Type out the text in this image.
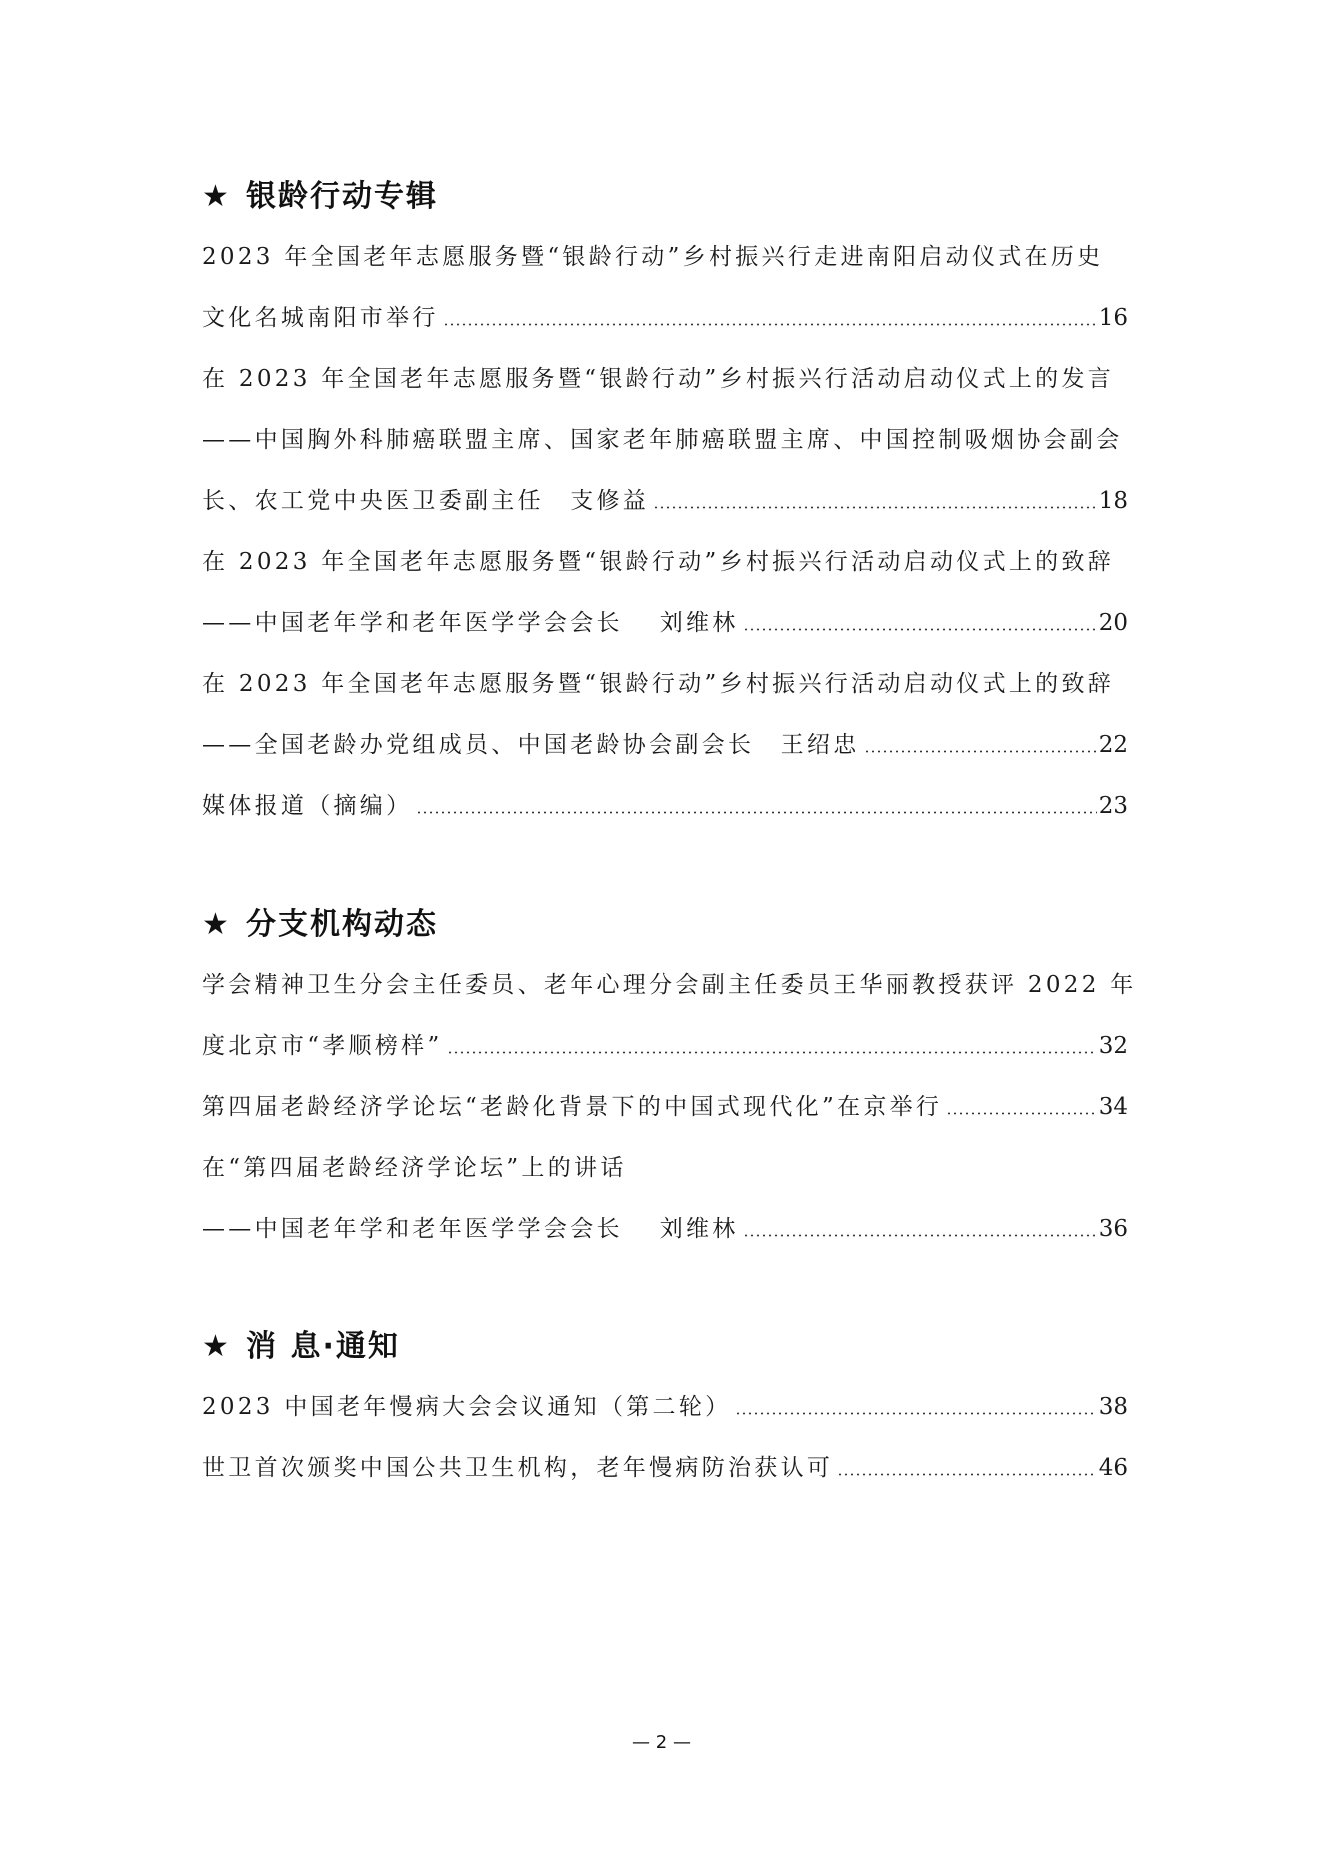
★ 银龄行动专辑
2023 年全国老年志愿服务暨“银龄行动”乡村振兴行走进南阳启动仪式在历史
文化名城南阳市举行	16
在 2023 年全国老年志愿服务暨“银龄行动”乡村振兴行活动启动仪式上的发言
——中国胸外科肺癌联盟主席、国家老年肺癌联盟主席、中国控制吸烟协会副会
长、农工党中央医卫委副主任　支修益	18
在 2023 年全国老年志愿服务暨“银龄行动”乡村振兴行活动启动仪式上的致辞
——中国老年学和老年医学学会会长　 刘维林	20
在 2023 年全国老年志愿服务暨“银龄行动”乡村振兴行活动启动仪式上的致辞
——全国老龄办党组成员、中国老龄协会副会长　王绍忠	22
媒体报道（摘编）	23
★ 分支机构动态
学会精神卫生分会主任委员、老年心理分会副主任委员王华丽教授获评 2022 年
度北京市“孝顺榜样”	32
第四届老龄经济学论坛“老龄化背景下的中国式现代化”在京举行	34
在“第四届老龄经济学论坛”上的讲话
——中国老年学和老年医学学会会长　 刘维林	36
★ 消 息·通知
2023 中国老年慢病大会会议通知（第二轮）	38
世卫首次颁奖中国公共卫生机构，老年慢病防治获认可	46
— 2 —
